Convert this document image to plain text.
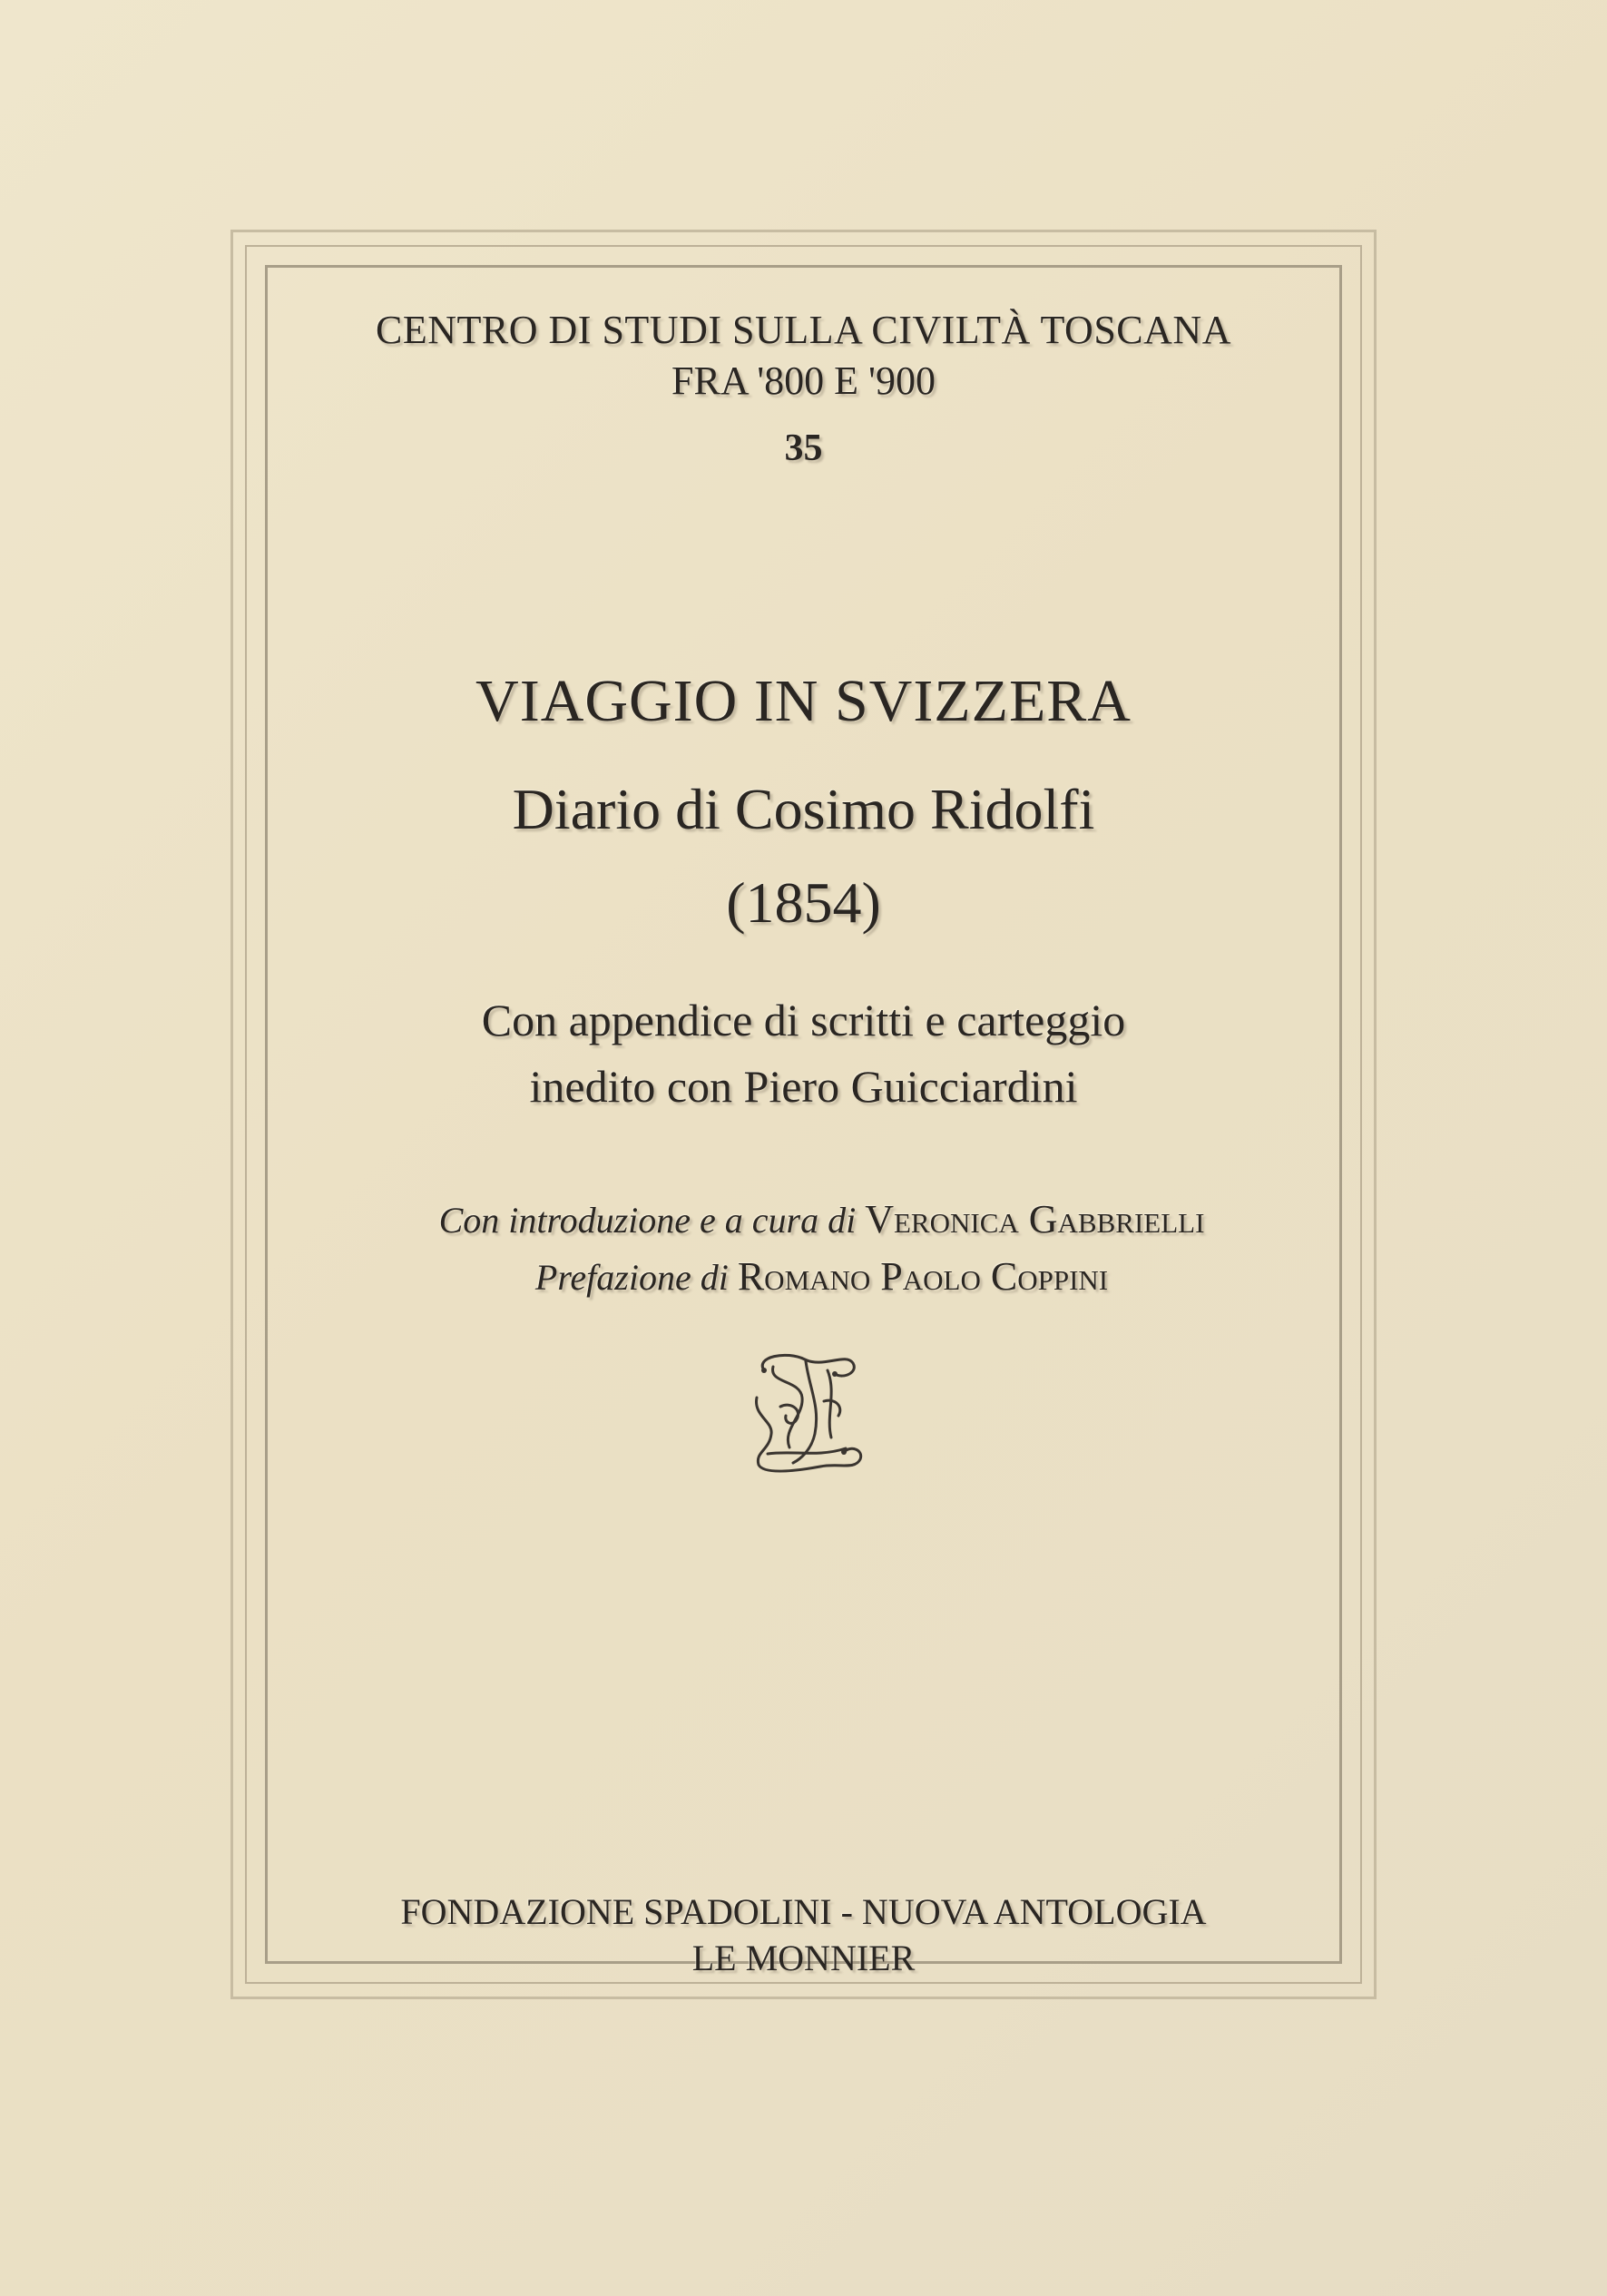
CENTRO DI STUDI SULLA CIVILTÀ TOSCANA
FRA '800 E '900
35
VIAGGIO IN SVIZZERA
Diario di Cosimo Ridolfi
(1854)
Con appendice di scritti e carteggio
inedito con Piero Guicciardini
Con introduzione e a cura di Veronica Gabbrielli
Prefazione di Romano Paolo Coppini
FONDAZIONE SPADOLINI - NUOVA ANTOLOGIA
LE MONNIER
